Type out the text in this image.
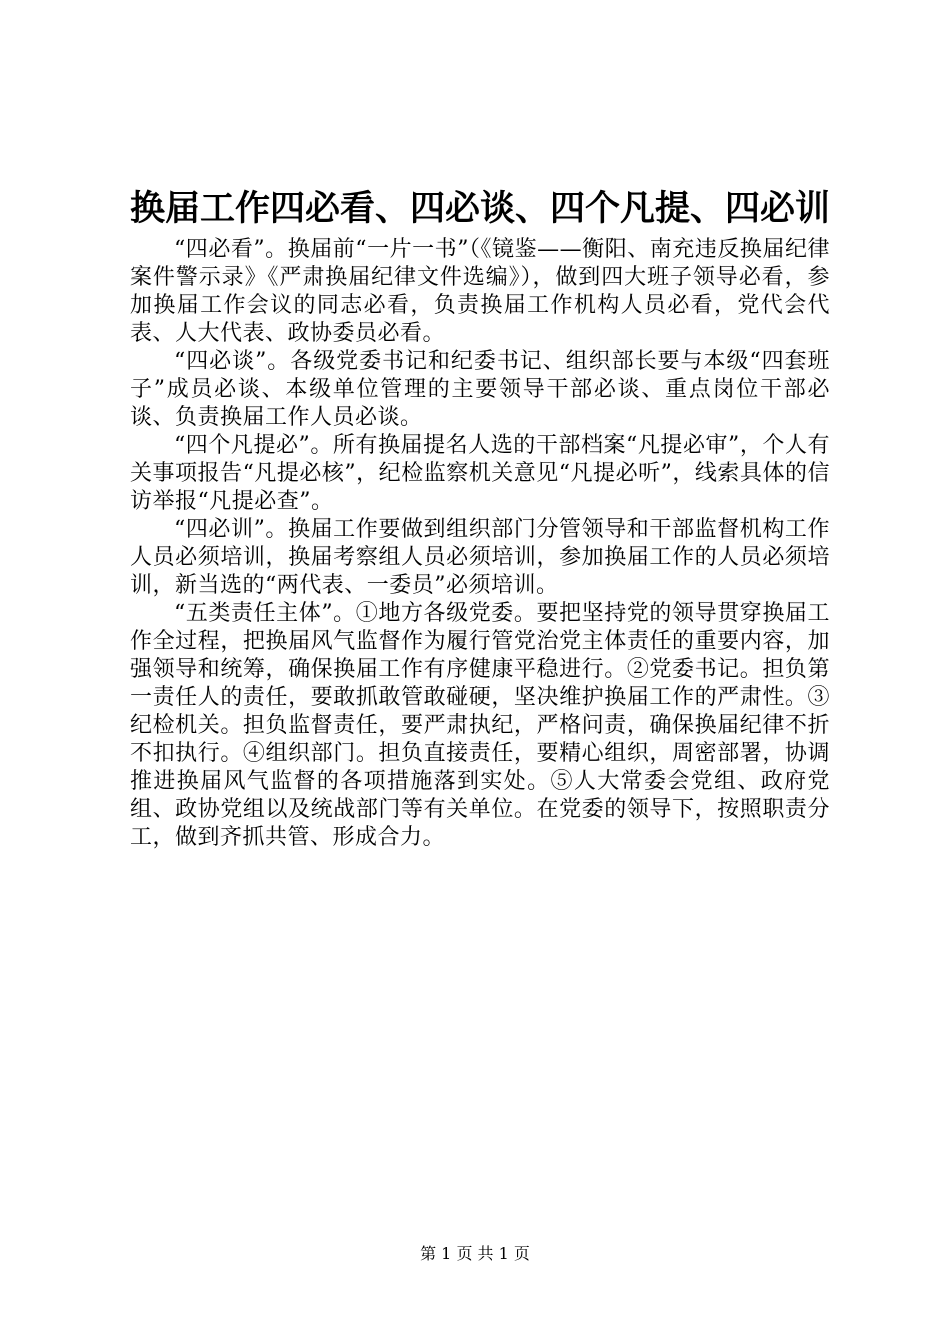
换届工作四必看、四必谈、四个凡提、四必训

“四必看”。换届前“一片一书”（《镜鉴——衡阳、南充违反换届纪律案件警示录》《严肃换届纪律文件选编》），做到四大班子领导必看，参加换届工作会议的同志必看，负责换届工作机构人员必看，党代会代表、人大代表、政协委员必看。

“四必谈”。各级党委书记和纪委书记、组织部长要与本级“四套班子”成员必谈、本级单位管理的主要领导干部必谈、重点岗位干部必谈、负责换届工作人员必谈。

“四个凡提必”。所有换届提名人选的干部档案“凡提必审”，个人有关事项报告“凡提必核”，纪检监察机关意见“凡提必听”，线索具体的信访举报“凡提必查”。

“四必训”。换届工作要做到组织部门分管领导和干部监督机构工作人员必须培训，换届考察组人员必须培训，参加换届工作的人员必须培训，新当选的“两代表、一委员”必须培训。

“五类责任主体”。①地方各级党委。要把坚持党的领导贯穿换届工作全过程，把换届风气监督作为履行管党治党主体责任的重要内容，加强领导和统筹，确保换届工作有序健康平稳进行。②党委书记。担负第一责任人的责任，要敢抓敢管敢碰硬，坚决维护换届工作的严肃性。③纪检机关。担负监督责任，要严肃执纪，严格问责，确保换届纪律不折不扣执行。④组织部门。担负直接责任，要精心组织，周密部署，协调推进换届风气监督的各项措施落到实处。⑤人大常委会党组、政府党组、政协党组以及统战部门等有关单位。在党委的领导下，按照职责分工，做到齐抓共管、形成合力。

第 1 页 共 1 页
